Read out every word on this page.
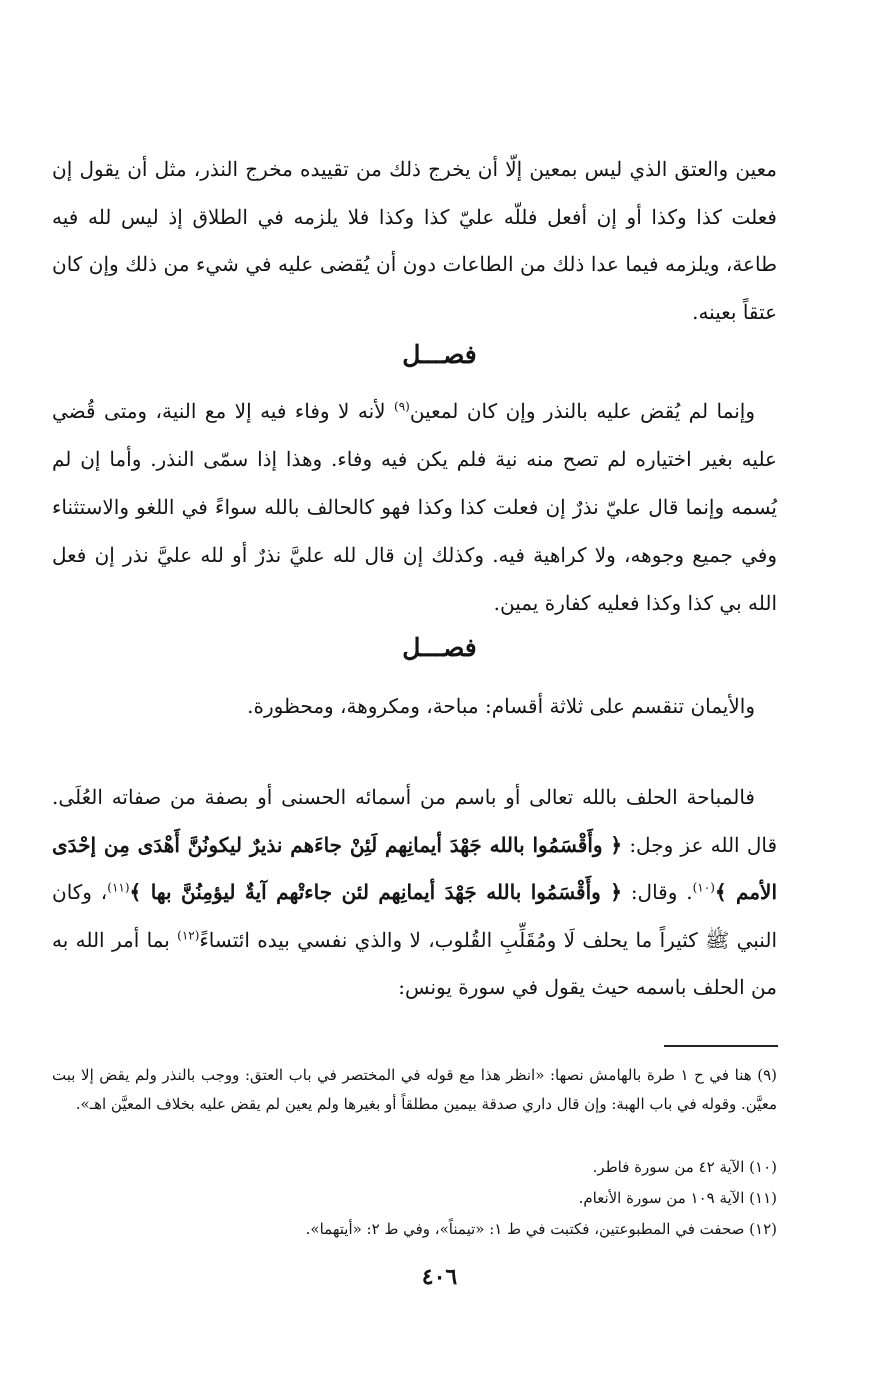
معين والعتق الذي ليس بمعين إلّا أن يخرج ذلك من تقييده مخرج النذر، مثل أن يقول إن فعلت كذا وكذا أو إن أفعل فللّه عليّ كذا وكذا فلا يلزمه في الطلاق إذ ليس لله فيه طاعة، ويلزمه فيما عدا ذلك من الطاعات دون أن يُقضى عليه في شيء من ذلك وإن كان عتقاً بعينه.

فصـــل

وإنما لم يُقض عليه بالنذر وإن كان لمعين$^{(٩)}$ لأنه لا وفاء فيه إلا مع النية، ومتى قُضي عليه بغير اختياره لم تصح منه نية فلم يكن فيه وفاء. وهذا إذا سمّى النذر. وأما إن لم يُسمه وإنما قال عليّ نذرٌ إن فعلت كذا وكذا فهو كالحالف بالله سواءً في اللغو والاستثناء وفي جميع وجوهه، ولا كراهية فيه. وكذلك إن قال لله عليَّ نذرٌ أو لله عليَّ نذر إن فعل الله بي كذا وكذا فعليه كفارة يمين.

فصـــل

والأيمان تنقسم على ثلاثة أقسام: مباحة، ومكروهة، ومحظورة.

فالمباحة الحلف بالله تعالى أو باسم من أسمائه الحسنى أو بصفة من صفاته العُلَى. قال الله عز وجل: ﴿ وأَقْسَمُوا بالله جَهْدَ أيمانِهم لَئِنْ جاءَهم نذيرٌ ليكونُنَّ أَهْدَى مِن إحْدَى الأمم ﴾$^{(١٠)}$. وقال: ﴿ وأَقْسَمُوا بالله جَهْدَ أيمانِهم لئن جاءتْهم آيةٌ ليؤمِنُنَّ بها ﴾$^{(١١)}$، وكان النبي ﷺ كثيراً ما يحلف لَا ومُقَلِّبِ القُلوب، لا والذي نفسي بيده ائتساءً$^{(١٢)}$ بما أمر الله به من الحلف باسمه حيث يقول في سورة يونس:

(٩) هنا في ح ١ طرة بالهامش نصها: «انظر هذا مع قوله في المختصر في باب العتق: ووجب بالنذر ولم يقض إلا ببت معيَّن. وقوله في باب الهبة: وإن قال داري صدقة بيمين مطلقاً أو بغيرها ولم يعين لم يقض عليه بخلاف المعيَّن اهـ».

(١٠) الآية ٤٢ من سورة فاطر.

(١١) الآية ١٠٩ من سورة الأنعام.

(١٢) صحفت في المطبوعتين، فكتبت في ط ١: «تيمناً»، وفي ط ٢: «أيتهما».

٤٠٦
